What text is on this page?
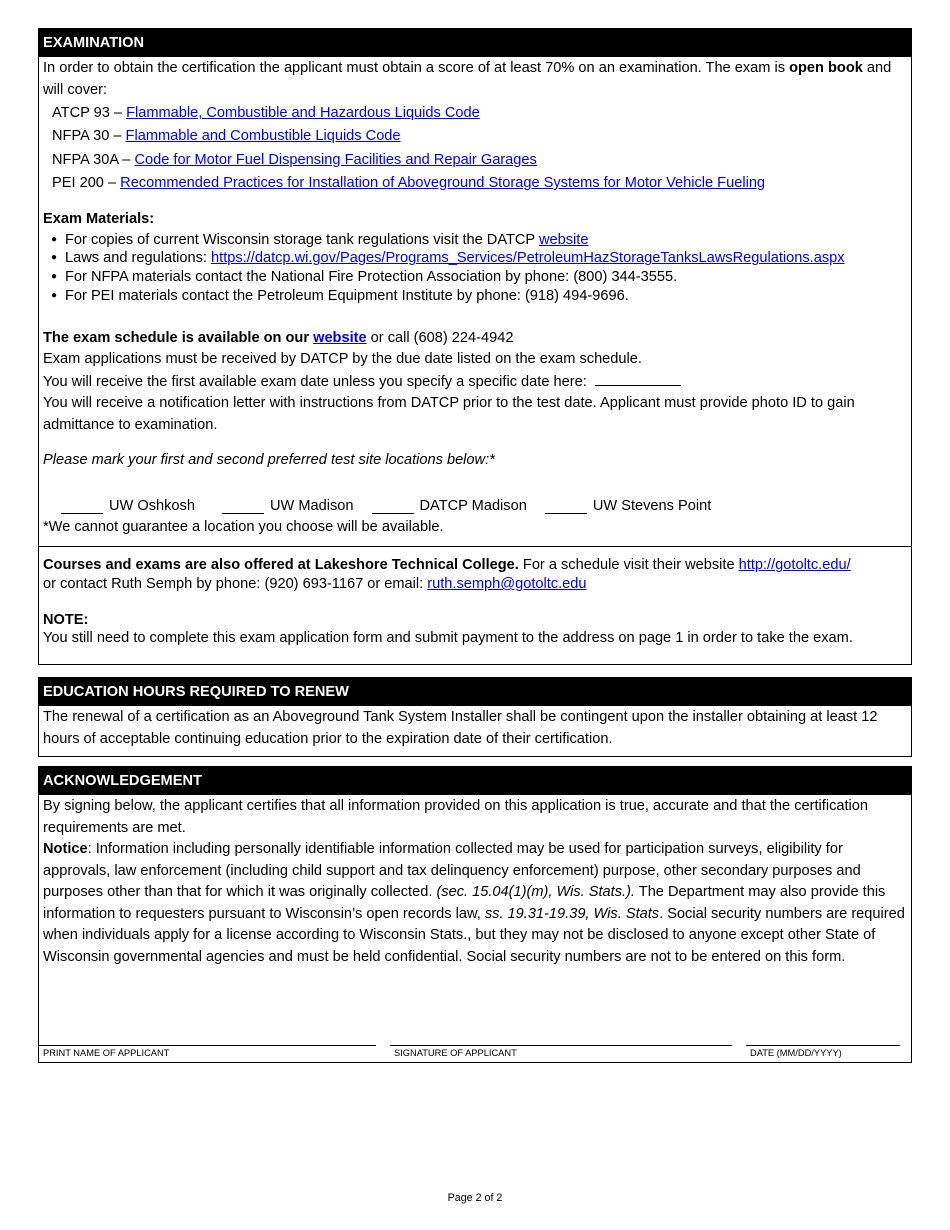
EXAMINATION
In order to obtain the certification the applicant must obtain a score of at least 70% on an examination. The exam is open book and will cover:
ATCP 93 – Flammable, Combustible and Hazardous Liquids Code
NFPA 30 – Flammable and Combustible Liquids Code
NFPA 30A – Code for Motor Fuel Dispensing Facilities and Repair Garages
PEI 200 – Recommended Practices for Installation of Aboveground Storage Systems for Motor Vehicle Fueling
Exam Materials:
● For copies of current Wisconsin storage tank regulations visit the DATCP website
● Laws and regulations: https://datcp.wi.gov/Pages/Programs_Services/PetroleumHazStorageTanksLawsRegulations.aspx
● For NFPA materials contact the National Fire Protection Association by phone: (800) 344-3555.
● For PEI materials contact the Petroleum Equipment Institute by phone: (918) 494-9696.
The exam schedule is available on our website or call (608) 224-4942
Exam applications must be received by DATCP by the due date listed on the exam schedule.
You will receive the first available exam date unless you specify a specific date here:
You will receive a notification letter with instructions from DATCP prior to the test date. Applicant must provide photo ID to gain admittance to examination.
Please mark your first and second preferred test site locations below:*
UW Oshkosh	UW Madison	DATCP Madison	UW Stevens Point
*We cannot guarantee a location you choose will be available.
Courses and exams are also offered at Lakeshore Technical College. For a schedule visit their website http://gotoltc.edu/
or contact Ruth Semph by phone: (920) 693-1167 or email: ruth.semph@gotoltc.edu
NOTE:
You still need to complete this exam application form and submit payment to the address on page 1 in order to take the exam.
EDUCATION HOURS REQUIRED TO RENEW
The renewal of a certification as an Aboveground Tank System Installer shall be contingent upon the installer obtaining at least 12 hours of acceptable continuing education prior to the expiration date of their certification.
ACKNOWLEDGEMENT
By signing below, the applicant certifies that all information provided on this application is true, accurate and that the certification requirements are met.
Notice: Information including personally identifiable information collected may be used for participation surveys, eligibility for approvals, law enforcement (including child support and tax delinquency enforcement) purpose, other secondary purposes and purposes other than that for which it was originally collected. (sec. 15.04(1)(m), Wis. Stats.). The Department may also provide this information to requesters pursuant to Wisconsin’s open records law, ss. 19.31-19.39, Wis. Stats. Social security numbers are required when individuals apply for a license according to Wisconsin Stats., but they may not be disclosed to anyone except other State of Wisconsin governmental agencies and must be held confidential. Social security numbers are not to be entered on this form.
PRINT NAME OF APPLICANT	SIGNATURE OF APPLICANT	DATE (MM/DD/YYYY)
Page 2 of 2
